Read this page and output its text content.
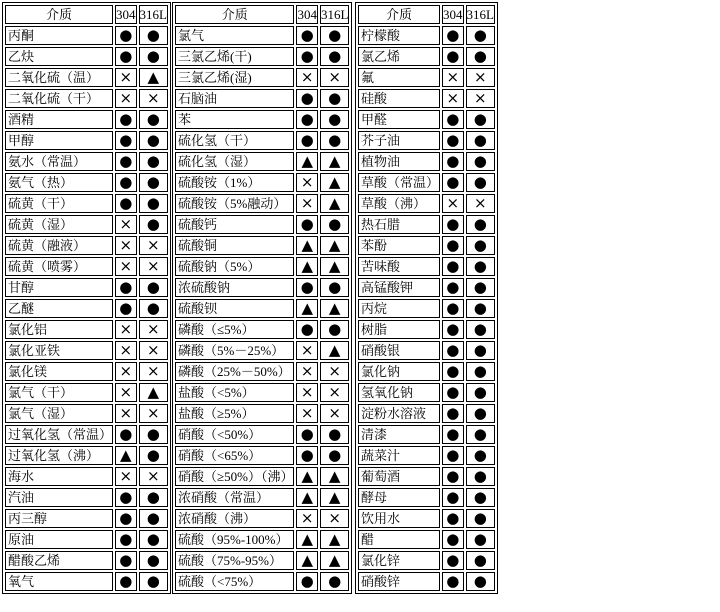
介质	304	316L
丙酮	●	●
乙炔	●	●
二氧化硫（温）	×	▲
二氧化硫（干）	×	×
酒精	●	●
甲醇	●	●
氨水（常温）	●	●
氨气（热）	●	●
硫黄（干）	●	●
硫黄（湿）	×	●
硫黄（融液）	×	×
硫黄（喷雾）	×	×
甘醇	●	●
乙醚	●	●
氯化铝	×	×
氯化亚铁	×	×
氯化镁	×	×
氯气（干）	×	▲
氯气（湿）	×	×
过氧化氢（常温）	●	●
过氧化氢（沸）	▲	●
海水	×	×
汽油	●	●
丙三醇	●	●
原油	●	●
醋酸乙烯	●	●
氧气	●	●
介质	304	316L
氯气	●	●
三氯乙烯(干)	●	●
三氯乙烯(湿)	×	×
石脑油	●	●
苯	●	●
硫化氢（干）	●	●
硫化氢（湿）	▲	▲
硫酸铵（1%）	×	▲
硫酸铵（5%融动）	×	▲
硫酸钙	●	●
硫酸铜	▲	▲
硫酸钠（5%）	▲	▲
浓硫酸钠	●	●
硫酸钡	▲	▲
磷酸（≤5%）	●	●
磷酸（5%－25%）	×	▲
磷酸（25%－50%）	×	×
盐酸（<5%）	×	×
盐酸（≥5%）	×	×
硝酸（<50%）	●	●
硝酸（<65%）	●	●
硝酸（≥50%）（沸）	▲	▲
浓硝酸（常温）	▲	▲
浓硝酸（沸）	×	×
硫酸（95%-100%）	▲	▲
硫酸（75%-95%）	▲	▲
硫酸（<75%）	●	●
介质	304	316L
柠檬酸	●	●
氯乙烯	●	●
氟	×	×
硅酸	×	×
甲醛	●	●
芥子油	●	●
植物油	●	●
草酸（常温）	●	●
草酸（沸）	×	×
热石腊	●	●
苯酚	●	●
苦味酸	●	●
高锰酸钾	●	●
丙烷	●	●
树脂	●	●
硝酸银	●	●
氯化钠	●	●
氢氧化钠	●	●
淀粉水溶液	●	●
清漆	●	●
蔬菜汁	●	●
葡萄酒	●	●
酵母	●	●
饮用水	●	●
醋	●	●
氯化锌	●	●
硝酸锌	●	●
